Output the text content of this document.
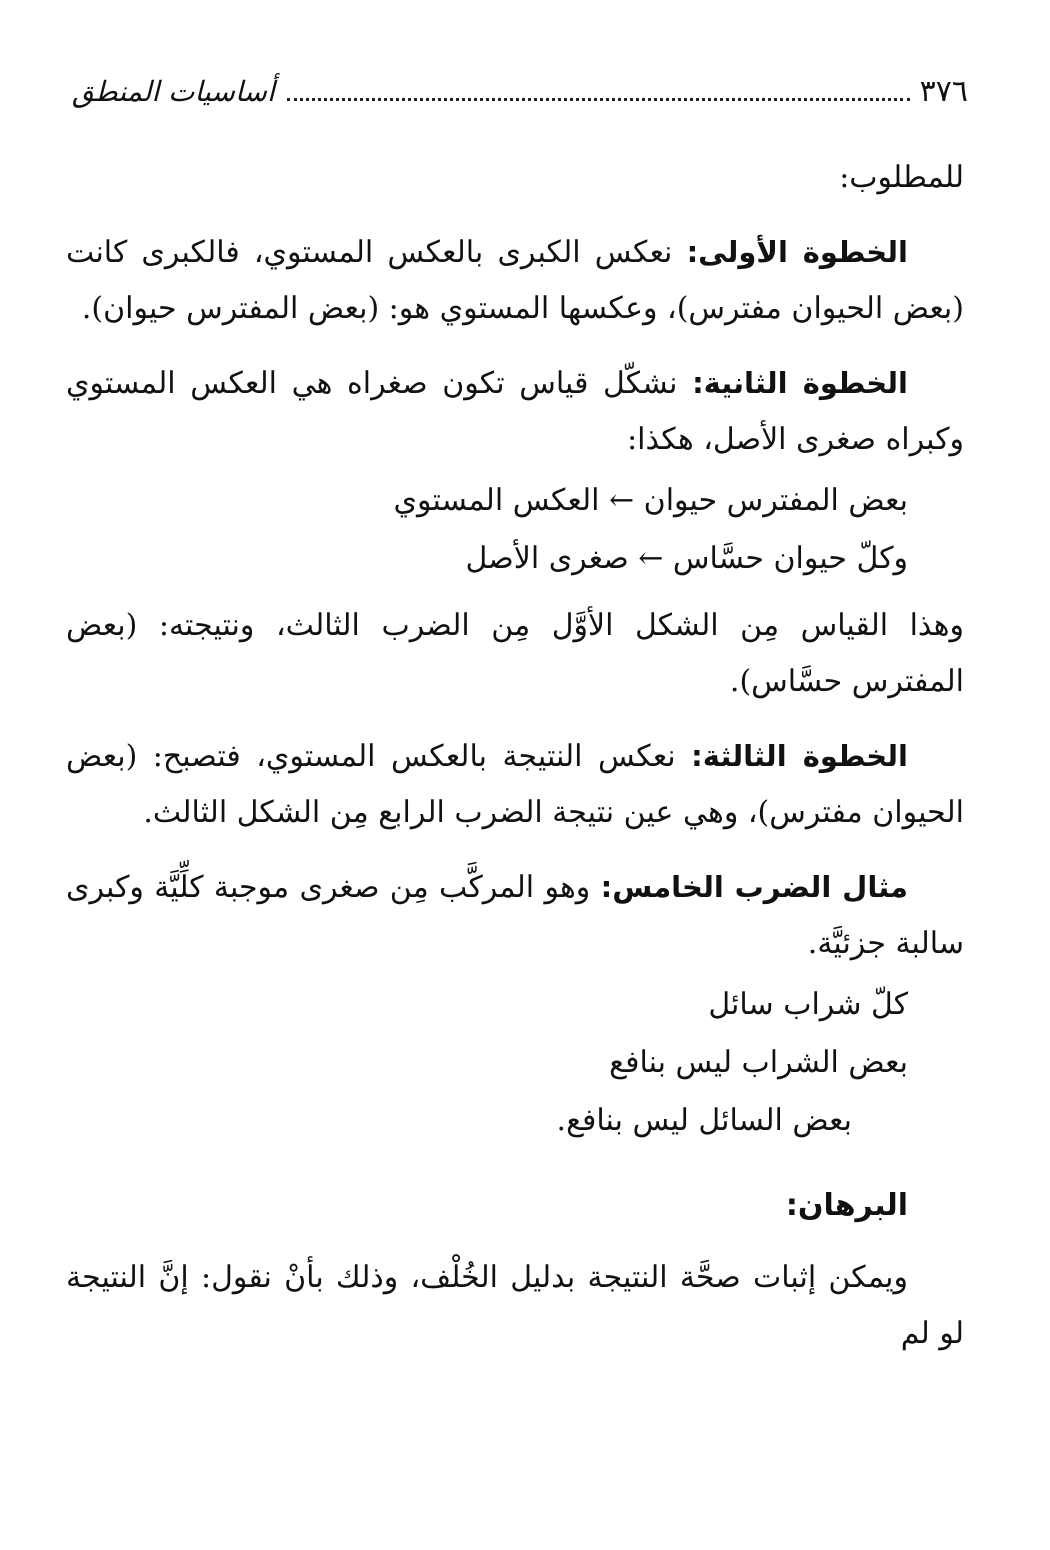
٣٧٦
أساسيات المنطق

للمطلوب:

الخطوة الأولى: نعكس الكبرى بالعكس المستوي، فالكبرى كانت (بعض الحيوان مفترس)، وعكسها المستوي هو: (بعض المفترس حيوان).

الخطوة الثانية: نشكّل قياس تكون صغراه هي العكس المستوي وكبراه صغرى الأصل، هكذا:

بعض المفترس حيوان ← العكس المستوي

وكلّ حيوان حسَّاس ← صغرى الأصل

وهذا القياس مِن الشكل الأوَّل مِن الضرب الثالث، ونتيجته: (بعض المفترس حسَّاس).

الخطوة الثالثة: نعكس النتيجة بالعكس المستوي، فتصبح: (بعض الحيوان مفترس)، وهي عين نتيجة الضرب الرابع مِن الشكل الثالث.

مثال الضرب الخامس: وهو المركَّب مِن صغرى موجبة كلِّيَّة وكبرى سالبة جزئيَّة.

كلّ شراب سائل

بعض الشراب ليس بنافع

بعض السائل ليس بنافع.

البرهان:

ويمكن إثبات صحَّة النتيجة بدليل الخُلْف، وذلك بأنْ نقول: إنَّ النتيجة لو لم
